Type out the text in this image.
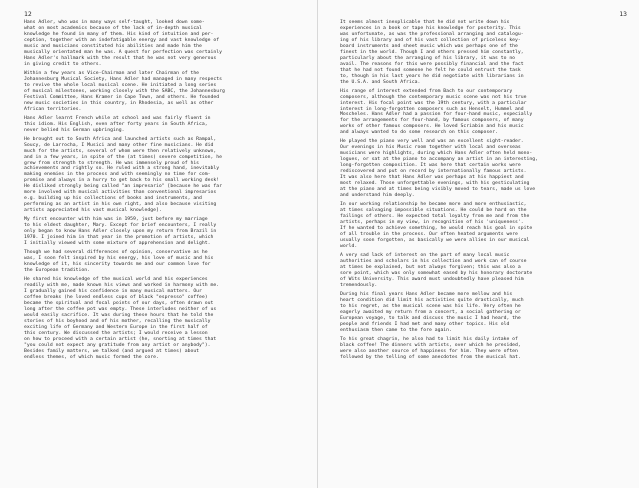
12

Hans Adler, who was in many ways self-taught, looked down some-
what on most academics because of the lack of in-depth musical
knowledge he found in many of them. His kind of intuition and per-
ception, together with an indefatigable energy and vast knowledge of
music and musicians constituted his abilities and made him the
musically orientated man he was. A quest for perfection was certainly
Hans Adler's hallmark with the result that he was not very generous
in giving credit to others.

Within a few years as Vice-Chairman and later Chairman of the
Johannesburg Musical Society, Hans Adler had managed in many respects
to revive the whole local musical scene. He initiated a long series
of musical milestones, working closely with the SABC, the Johannesburg
Festival Committee, Hans Kramer in Cape Town, and others. He founded
new music societies in this country, in Rhodesia, as well as other
African territories.

Hans Adler learnt French while at school and was fairly fluent in
this idiom. His English, even after forty years in South Africa,
never belied his German upbringing.

He brought out to South Africa and launched artists such as Rampal,
Soucy, de Larrocha, I Musici and many other fine musicians. He did
much for the artists, several of whom were then relatively unknown,
and in a few years, in spite of the (at times) severe competition, he
grew from strength to strength. He was immensely proud of his
achievements and rightly so. He ruled with a strong hand, inevitably
making enemies in the process and with seemingly no time for com-
promise and always in a hurry to get back to his small working desk!
He disliked strongly being called "an impresario" [because he was far
more involved with musical activities than conventional impresarios
e.g. building up his collections of books and instruments, and
performing as an artist in his own right, and also because visiting
artists appreciated his vast musical knowledge].

My first encounter with him was in 1959, just before my marriage
to his eldest daughter, Mary. Except for brief encounters, I really
only began to know Hans Adler closely upon my return from Brazil in
1970. I joined him in that year in the promotion of artists, which
I initially viewed with some mixture of apprehension and delight.

Though we had several differences of opinion, conservative as he
was, I soon felt inspired by his energy, his love of music and his
knowledge of it, his sincerity towards me and our common love for
the European tradition.

He shared his knowledge of the musical world and his experiences
readily with me, made known his views and worked in harmony with me.
I gradually gained his confidence in many musical matters. Our
coffee breaks (he loved endless cups of black "espresso" coffee)
became the spiritual and focal points of our days, often drawn out
long after the coffee pot was empty. These interludes neither of us
would easily sacrifice. It was during these hours that he told the
stories of his boyhood and of his mother, recalling the musically
exciting life of Germany and Western Europe in the first half of
this century. We discussed the artists; I would receive a lesson
on how to proceed with a certain artist (he, snorting at times that
"you could not expect any gratitude from any artist or anybody").
Besides family matters, we talked (and argued at times) about
endless themes, of which music formed the core.

13

It seems almost inexplicable that he did not write down his
experiences in a book or tape his knowledge for posterity. This
was unfortunate, as was the professional arranging and catalogu-
ing of his library and of his vast collection of priceless key-
board instruments and sheet music which was perhaps one of the
finest in the world. Though I and others pressed him constantly,
particularly about the arranging of his library, it was to no
avail. The reasons for this were possibly financial and the fact
that he had not found someone he felt he could entrust the task
to, though in his last years he did negotiate with librarians in
the U.S.A. and South Africa.

His range of interest extended from Bach to our contemporary
composers, although the contemporary music scene was not his true
interest. His focal point was the 19th century, with a particular
interest in long-forgotten composers such as Henselt, Hummel and
Moscheles. Hans Adler had a passion for four-hand music, especially
for the arrangements for four-hand, by famous composers, of many
works of other famous composers. He loved Scriabin and his music
and always wanted to do some research on this composer.

He played the piano very well and was an excellent sight-reader.
Our evenings in his Music room together with local and overseas
musicians were highlights, during which Hans Adler often held mono-
logues, or sat at the piano to accompany an artist in an interesting,
long-forgotten composition. It was here that certain works were
rediscovered and put on record by internationally famous artists.
It was also here that Hans Adler was perhaps at his happiest and
most relaxed. Those unforgettable evenings, with his gesticulating
at the piano and at times being visibly moved to tears, made us love
and understand him deeply.

In our working relationship he became more and more enthusiastic,
at times salvaging impossible situations. He could be hard on the
failings of others. He expected total loyalty from me and from the
artists, perhaps in my view, in recognition of his 'uniqueness'.
If he wanted to achieve something, he would reach his goal in spite
of all trouble in the process. Our often heated arguments were
usually soon forgotten, as basically we were allies in our musical
world.

A very sad lack of interest on the part of many local music
authorities and scholars in his collection and work can of course
at times be explained, but not always forgiven; this was also a
sore point, which was only somewhat eased by his honorary doctorate
of Wits University. This award must undoubtedly have pleased him
tremendously.

During his final years Hans Adler became more mellow and his
heart condition did limit his activities quite drastically, much
to his regret, as the musical scene was his life. Very often he
eagerly awaited my return from a concert, a social gathering or
European voyage, to talk and discuss the music I had heard, the
people and friends I had met and many other topics. His old
enthusiasm then came to the fore again.

To his great chagrin, he also had to limit his daily intake of
black coffee! The dinners with artists, over which he presided,
were also another source of happiness for him. They were often
followed by the telling of some anecdotes from the musical hat.
